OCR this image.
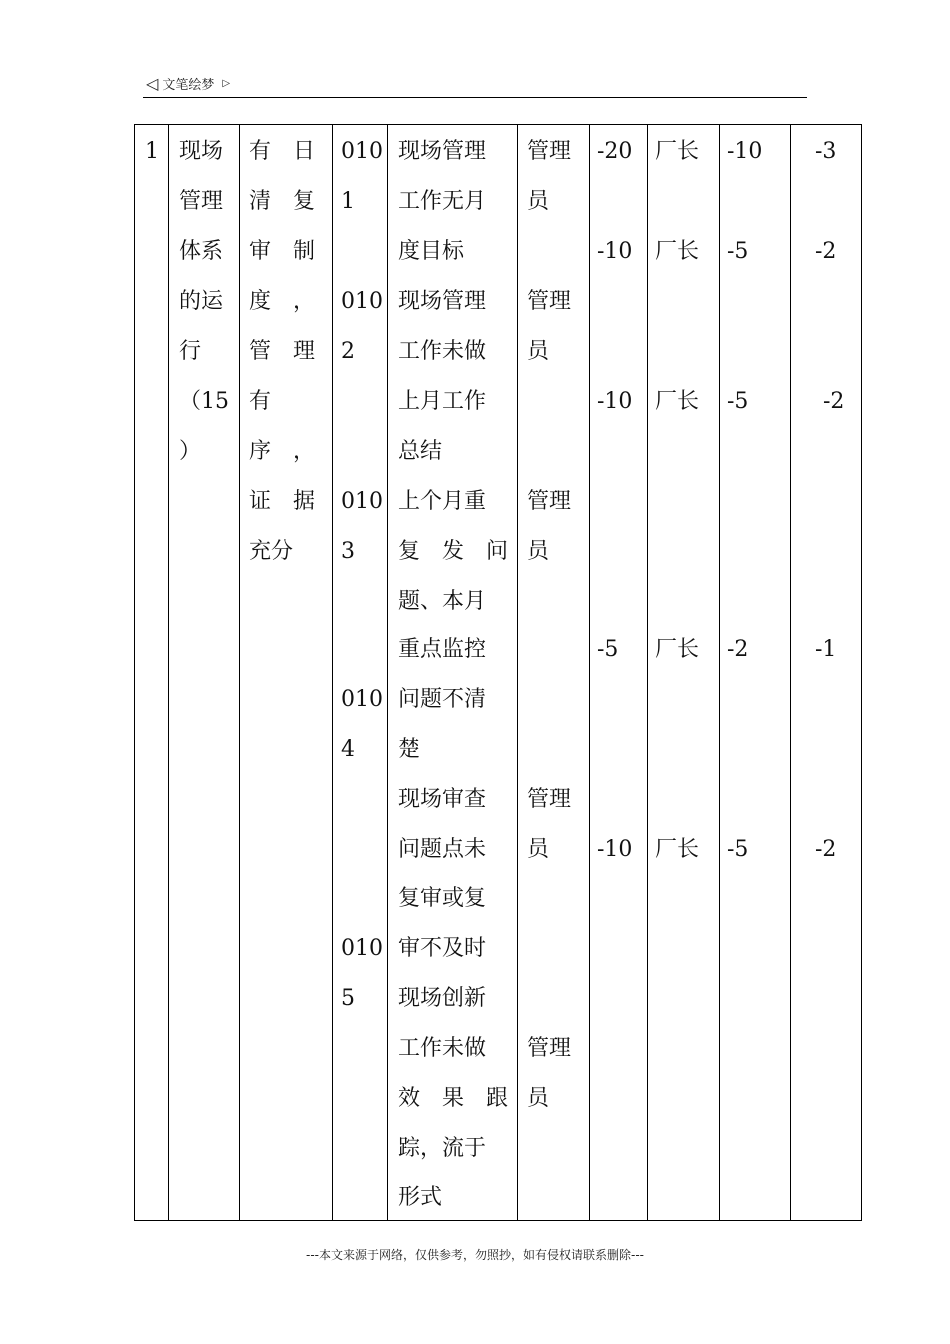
◁ 文笔绘梦 ▷
1 现场
管理
体系
的运
行
（15
）
有　日
清　复
审　制
度　，
管　理
有
序　，
证　据
充分
010
1
010
2
010
3
010
4
010
5
现场管理
工作无月
度目标
现场管理
工作未做
上月工作
总结
上个月重
复　发　问
题、本月
重点监控
问题不清
楚
现场审查
问题点未
复审或复
审不及时
现场创新
工作未做
效　果　跟
踪，流于
形式
管理
员
管理
员
管理
员
管理
员
管理
员
-20
-10
-10
-5
-10
厂长
厂长
厂长
厂长
厂长
-10
-5
-5
-2
-5
-3
-2
-2
-1
-2
---本文来源于网络，仅供参考，勿照抄，如有侵权请联系删除---
